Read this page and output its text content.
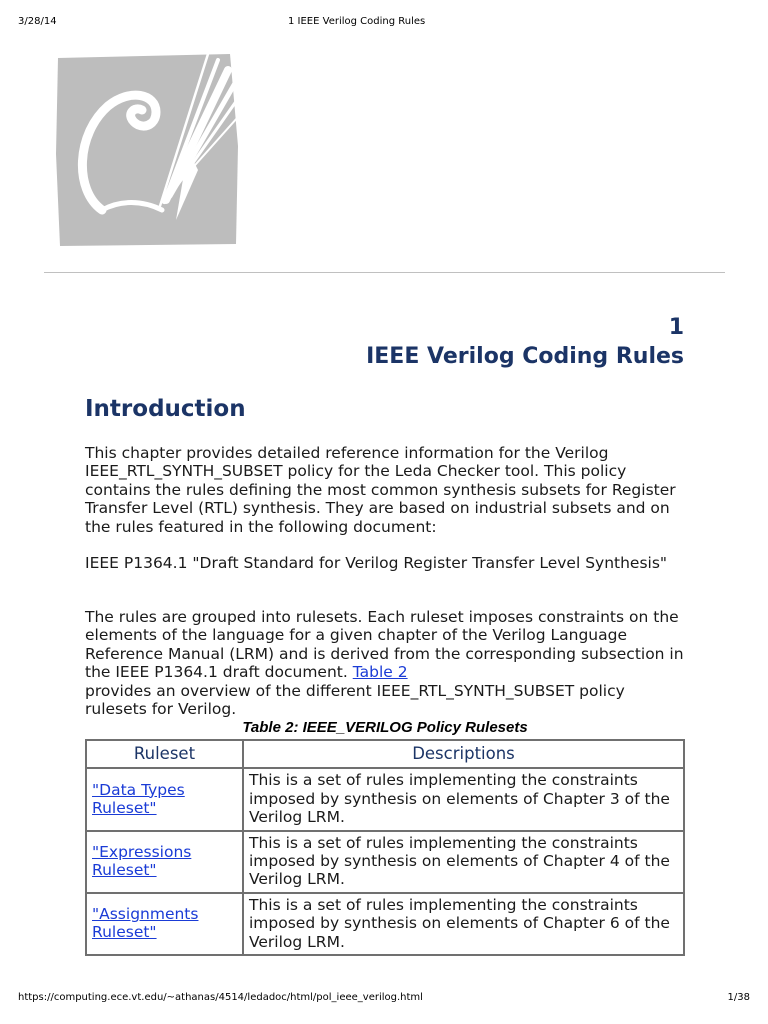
3/28/14	1 IEEE Verilog Coding Rules
1
IEEE Verilog Coding Rules
Introduction

This chapter provides detailed reference information for the Verilog IEEE_RTL_SYNTH_SUBSET policy for the Leda Checker tool. This policy contains the rules defining the most common synthesis subsets for Register Transfer Level (RTL) synthesis. They are based on industrial subsets and on the rules featured in the following document:

IEEE P1364.1 "Draft Standard for Verilog Register Transfer Level Synthesis"

The rules are grouped into rulesets. Each ruleset imposes constraints on the elements of the language for a given chapter of the Verilog Language Reference Manual (LRM) and is derived from the corresponding subsection in the IEEE P1364.1 draft document. Table 2
provides an overview of the different IEEE_RTL_SYNTH_SUBSET policy rulesets for Verilog.

Table 2: IEEE_VERILOG Policy Rulesets
Ruleset	Descriptions
"Data Types Ruleset"	This is a set of rules implementing the constraints imposed by synthesis on elements of Chapter 3 of the Verilog LRM.
"Expressions Ruleset"	This is a set of rules implementing the constraints imposed by synthesis on elements of Chapter 4 of the Verilog LRM.
"Assignments Ruleset"	This is a set of rules implementing the constraints imposed by synthesis on elements of Chapter 6 of the Verilog LRM.
https://computing.ece.vt.edu/~athanas/4514/ledadoc/html/pol_ieee_verilog.html	1/38
